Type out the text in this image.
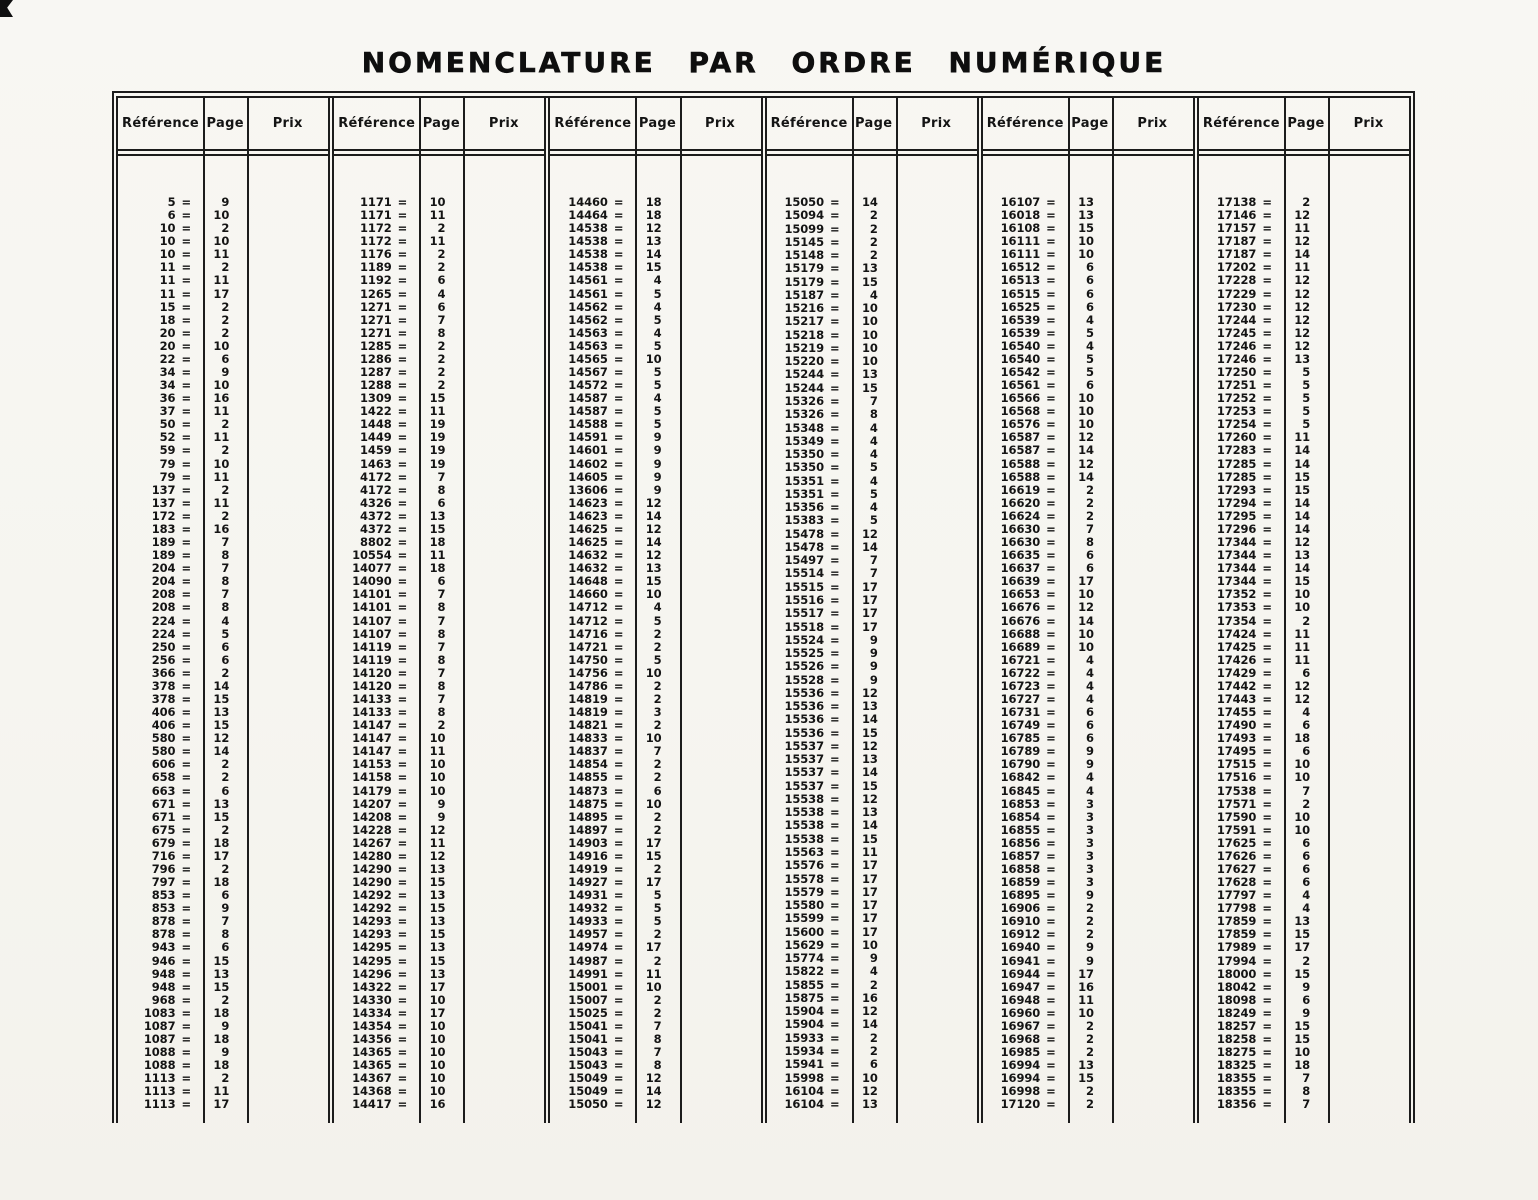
NOMENCLATURE PAR ORDRE NUMÉRIQUE
Référence Page	Prix
5 =	9
6 =	10
10 =	2
10 =	10
10 =	11
11 =	2
11 =	11
11 =	17
15 =	2
18 =	2
20 =	2
20 =	10
22 =	6
34 =	9
34 =	10
36 =	16
37 =	11
50 =	2
52 =	11
59 =	2
79 =	10
79 =	11
137 =	2
137 =	11
172 =	2
183 =	16
189 =	7
189 =	8
204 =	7
204 =	8
208 =	7
208 =	8
224 =	4
224 =	5
250 =	6
256 =	6
366 =	2
378 =	14
378 =	15
406 =	13
406 =	15
580 =	12
580 =	14
606 =	2
658 =	2
663 =	6
671 =	13
671 =	15
675 =	2
679 =	18
716 =	17
796 =	2
797 =	18
853 =	6
853 =	9
878 =	7
878 =	8
943 =	6
946 =	15
948 =	13
948 =	15
968 =	2
1083 =	18
1087 =	9
1087 =	18
1088 =	9
1088 =	18
1113 =	2
1113 =	11
1113 =	17
Référence Page	Prix
1171 =	10
1171 =	11
1172 =	2
1172 =	11
1176 =	2
1189 =	2
1192 =	6
1265 =	4
1271 =	6
1271 =	7
1271 =	8
1285 =	2
1286 =	2
1287 =	2
1288 =	2
1309 =	15
1422 =	11
1448 =	19
1449 =	19
1459 =	19
1463 =	19
4172 =	7
4172 =	8
4326 =	6
4372 =	13
4372 =	15
8802 =	18
10554 =	11
14077 =	18
14090 =	6
14101 =	7
14101 =	8
14107 =	7
14107 =	8
14119 =	7
14119 =	8
14120 =	7
14120 =	8
14133 =	7
14133 =	8
14147 =	2
14147 =	10
14147 =	11
14153 =	10
14158 =	10
14179 =	10
14207 =	9
14208 =	9
14228 =	12
14267 =	11
14280 =	12
14290 =	13
14290 =	15
14292 =	13
14292 =	15
14293 =	13
14293 =	15
14295 =	13
14295 =	15
14296 =	13
14322 =	17
14330 =	10
14334 =	17
14354 =	10
14356 =	10
14365 =	10
14365 =	10
14367 =	10
14368 =	10
14417 =	16
Référence Page	Prix
14460 =	18
14464 =	18
14538 =	12
14538 =	13
14538 =	14
14538 =	15
14561 =	4
14561 =	5
14562 =	4
14562 =	5
14563 =	4
14563 =	5
14565 =	10
14567 =	5
14572 =	5
14587 =	4
14587 =	5
14588 =	5
14591 =	9
14601 =	9
14602 =	9
14605 =	9
13606 =	9
14623 =	12
14623 =	14
14625 =	12
14625 =	14
14632 =	12
14632 =	13
14648 =	15
14660 =	10
14712 =	4
14712 =	5
14716 =	2
14721 =	2
14750 =	5
14756 =	10
14786 =	2
14819 =	2
14819 =	3
14821 =	2
14833 =	10
14837 =	7
14854 =	2
14855 =	2
14873 =	6
14875 =	10
14895 =	2
14897 =	2
14903 =	17
14916 =	15
14919 =	2
14927 =	17
14931 =	5
14932 =	5
14933 =	5
14957 =	2
14974 =	17
14987 =	2
14991 =	11
15001 =	10
15007 =	2
15025 =	2
15041 =	7
15041 =	8
15043 =	7
15043 =	8
15049 =	12
15049 =	14
15050 =	12
Référence Page	Prix
15050 =	14
15094 =	2
15099 =	2
15145 =	2
15148 =	2
15179 =	13
15179 =	15
15187 =	4
15216 =	10
15217 =	10
15218 =	10
15219 =	10
15220 =	10
15244 =	13
15244 =	15
15326 =	7
15326 =	8
15348 =	4
15349 =	4
15350 =	4
15350 =	5
15351 =	4
15351 =	5
15356 =	4
15383 =	5
15478 =	12
15478 =	14
15497 =	7
15514 =	7
15515 =	17
15516 =	17
15517 =	17
15518 =	17
15524 =	9
15525 =	9
15526 =	9
15528 =	9
15536 =	12
15536 =	13
15536 =	14
15536 =	15
15537 =	12
15537 =	13
15537 =	14
15537 =	15
15538 =	12
15538 =	13
15538 =	14
15538 =	15
15563 =	11
15576 =	17
15578 =	17
15579 =	17
15580 =	17
15599 =	17
15600 =	17
15629 =	10
15774 =	9
15822 =	4
15855 =	2
15875 =	16
15904 =	12
15904 =	14
15933 =	2
15934 =	2
15941 =	6
15998 =	10
16104 =	12
16104 =	13
Référence Page	Prix
16107 =	13
16018 =	13
16108 =	15
16111 =	10
16111 =	10
16512 =	6
16513 =	6
16515 =	6
16525 =	6
16539 =	4
16539 =	5
16540 =	4
16540 =	5
16542 =	5
16561 =	6
16566 =	10
16568 =	10
16576 =	10
16587 =	12
16587 =	14
16588 =	12
16588 =	14
16619 =	2
16620 =	2
16624 =	2
16630 =	7
16630 =	8
16635 =	6
16637 =	6
16639 =	17
16653 =	10
16676 =	12
16676 =	14
16688 =	10
16689 =	10
16721 =	4
16722 =	4
16723 =	4
16727 =	4
16731 =	6
16749 =	6
16785 =	6
16789 =	9
16790 =	9
16842 =	4
16845 =	4
16853 =	3
16854 =	3
16855 =	3
16856 =	3
16857 =	3
16858 =	3
16859 =	3
16895 =	9
16906 =	2
16910 =	2
16912 =	2
16940 =	9
16941 =	9
16944 =	17
16947 =	16
16948 =	11
16960 =	10
16967 =	2
16968 =	2
16985 =	2
16994 =	13
16994 =	15
16998 =	2
17120 =	2
Référence Page	Prix
17138 =	2
17146 =	12
17157 =	11
17187 =	12
17187 =	14
17202 =	11
17228 =	12
17229 =	12
17230 =	12
17244 =	12
17245 =	12
17246 =	12
17246 =	13
17250 =	5
17251 =	5
17252 =	5
17253 =	5
17254 =	5
17260 =	11
17283 =	14
17285 =	14
17285 =	15
17293 =	15
17294 =	14
17295 =	14
17296 =	14
17344 =	12
17344 =	13
17344 =	14
17344 =	15
17352 =	10
17353 =	10
17354 =	2
17424 =	11
17425 =	11
17426 =	11
17429 =	6
17442 =	12
17443 =	12
17455 =	4
17490 =	6
17493 =	18
17495 =	6
17515 =	10
17516 =	10
17538 =	7
17571 =	2
17590 =	10
17591 =	10
17625 =	6
17626 =	6
17627 =	6
17628 =	6
17797 =	4
17798 =	4
17859 =	13
17859 =	15
17989 =	17
17994 =	2
18000 =	15
18042 =	9
18098 =	6
18249 =	9
18257 =	15
18258 =	15
18275 =	10
18325 =	18
18355 =	7
18355 =	8
18356 =	7
